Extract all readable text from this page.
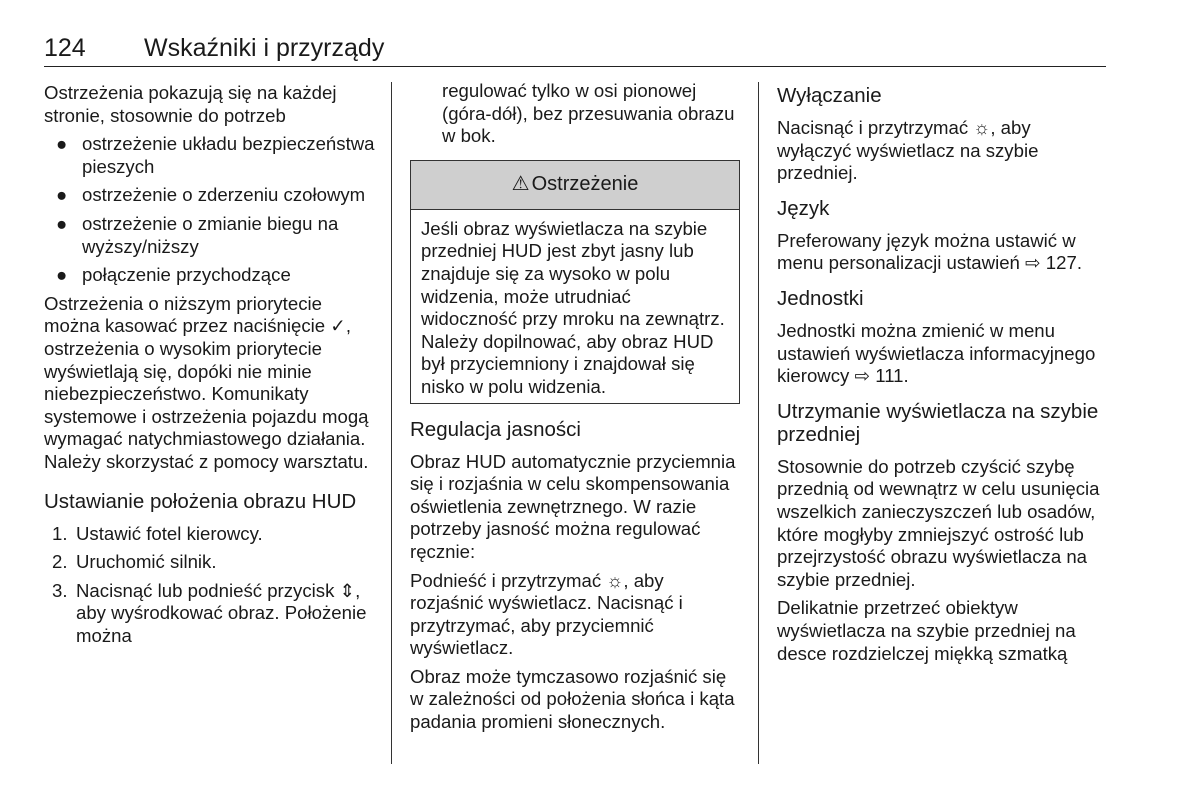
124 Wskaźniki i przyrządy

Ostrzeżenia pokazują się na każdej stronie, stosownie do potrzeb

● ostrzeżenie układu bezpieczeństwa pieszych
● ostrzeżenie o zderzeniu czołowym
● ostrzeżenie o zmianie biegu na wyższy/niższy
● połączenie przychodzące

Ostrzeżenia o niższym priorytecie można kasować przez naciśnięcie ✓, ostrzeżenia o wysokim priorytecie wyświetlają się, dopóki nie minie niebezpieczeństwo. Komunikaty systemowe i ostrzeżenia pojazdu mogą wymagać natychmiastowego działania. Należy skorzystać z pomocy warsztatu.

Ustawianie położenia obrazu HUD
1. Ustawić fotel kierowcy.
2. Uruchomić silnik.
3. Nacisnąć lub podnieść przycisk ⇕, aby wyśrodkować obraz. Położenie można

regulować tylko w osi pionowej (góra-dół), bez przesuwania obrazu w bok.

⚠ Ostrzeżenie
Jeśli obraz wyświetlacza na szybie przedniej HUD jest zbyt jasny lub znajduje się za wysoko w polu widzenia, może utrudniać widoczność przy mroku na zewnątrz. Należy dopilnować, aby obraz HUD był przyciemniony i znajdował się nisko w polu widzenia.
Regulacja jasności

Obraz HUD automatycznie przyciemnia się i rozjaśnia w celu skompensowania oświetlenia zewnętrznego. W razie potrzeby jasność można regulować ręcznie:

Podnieść i przytrzymać ☼, aby rozjaśnić wyświetlacz. Nacisnąć i przytrzymać, aby przyciemnić wyświetlacz.

Obraz może tymczasowo rozjaśnić się w zależności od położenia słońca i kąta padania promieni słonecznych.

Wyłączanie

Nacisnąć i przytrzymać ☼, aby wyłączyć wyświetlacz na szybie przedniej.

Język

Preferowany język można ustawić w menu personalizacji ustawień ⇨ 127.

Jednostki

Jednostki można zmienić w menu ustawień wyświetlacza informacyjnego kierowcy ⇨ 111.

Utrzymanie wyświetlacza na szybie przedniej

Stosownie do potrzeb czyścić szybę przednią od wewnątrz w celu usunięcia wszelkich zanieczyszczeń lub osadów, które mogłyby zmniejszyć ostrość lub przejrzystość obrazu wyświetlacza na szybie przedniej.

Delikatnie przetrzeć obiektyw wyświetlacza na szybie przedniej na desce rozdzielczej miękką szmatką
